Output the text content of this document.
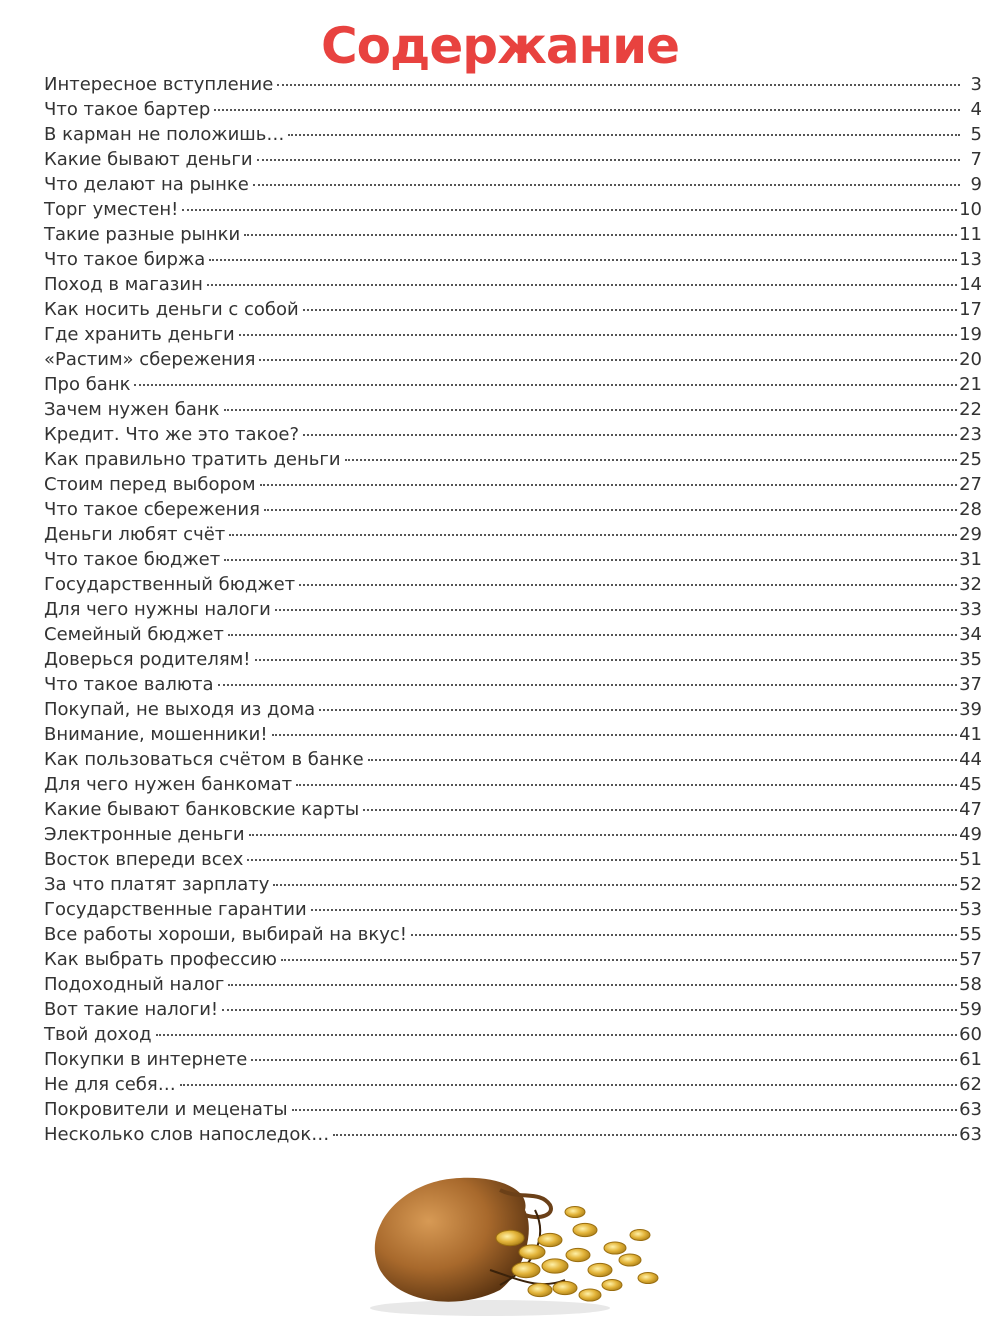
Содержание
Интересное вступление	3
Что такое бартер	4
В карман не положишь…	5
Какие бывают деньги	7
Что делают на рынке	9
Торг уместен!	10
Такие разные рынки	11
Что такое биржа	13
Поход в магазин	14
Как носить деньги с собой	17
Где хранить деньги	19
«Растим» сбережения	20
Про банк	21
Зачем нужен банк	22
Кредит. Что же это такое?	23
Как правильно тратить деньги	25
Стоим перед выбором	27
Что такое сбережения	28
Деньги любят счёт	29
Что такое бюджет	31
Государственный бюджет	32
Для чего нужны налоги	33
Семейный бюджет	34
Доверься родителям!	35
Что такое валюта	37
Покупай, не выходя из дома	39
Внимание, мошенники!	41
Как пользоваться счётом в банке	44
Для чего нужен банкомат	45
Какие бывают банковские карты	47
Электронные деньги	49
Восток впереди всех	51
За что платят зарплату	52
Государственные гарантии	53
Все работы хороши, выбирай на вкус!	55
Как выбрать профессию	57
Подоходный налог	58
Вот такие налоги!	59
Твой доход	60
Покупки в интернете	61
Не для себя…	62
Покровители и меценаты	63
Несколько слов напоследок…	63
